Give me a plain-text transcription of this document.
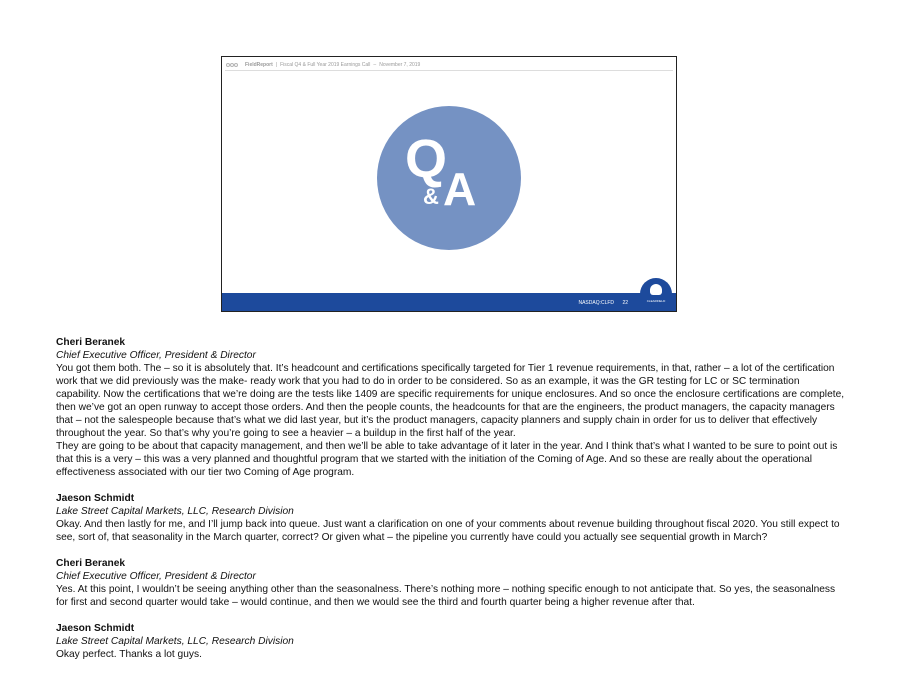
FieldReport | Fiscal Q4 & Full Year 2019 Earnings Call – November 7, 2019
Q
A
&
NASDAQ:CLFD 22	CLEARFIELD
Cheri Beranek
Chief Executive Officer, President & Director

You got them both. The – so it is absolutely that. It’s headcount and certifications specifically targeted for Tier 1 revenue requirements, in that, rather – a lot of the certification work that we did previously was the make- ready work that you had to do in order to be considered. So as an example, it was the GR testing for LC or SC termination capability. Now the certifications that we’re doing are the tests like 1409 are specific requirements for unique enclosures. And so once the enclosure certifications are complete, then we’ve got an open runway to accept those orders. And then the people counts, the headcounts for that are the engineers, the product managers, the capacity managers that – not the salespeople because that’s what we did last year, but it’s the product managers, capacity planners and supply chain in order for us to deliver that effectively throughout the year. So that’s why you’re going to see a heavier – a buildup in the first half of the year.

They are going to be about that capacity management, and then we’ll be able to take advantage of it later in the year. And I think that’s what I wanted to be sure to point out is that this is a very – this was a very planned and thoughtful program that we started with the initiation of the Coming of Age. And so these are really about the operational effectiveness associated with our tier two Coming of Age program.

Jaeson Schmidt
Lake Street Capital Markets, LLC, Research Division

Okay. And then lastly for me, and I’ll jump back into queue. Just want a clarification on one of your comments about revenue building throughout fiscal 2020. You still expect to see, sort of, that seasonality in the March quarter, correct? Or given what – the pipeline you currently have could you actually see sequential growth in March?

Cheri Beranek
Chief Executive Officer, President & Director

Yes. At this point, I wouldn’t be seeing anything other than the seasonalness. There’s nothing more – nothing specific enough to not anticipate that. So yes, the seasonalness for first and second quarter would take – would continue, and then we would see the third and fourth quarter being a higher revenue after that.

Jaeson Schmidt
Lake Street Capital Markets, LLC, Research Division

Okay perfect. Thanks a lot guys.
